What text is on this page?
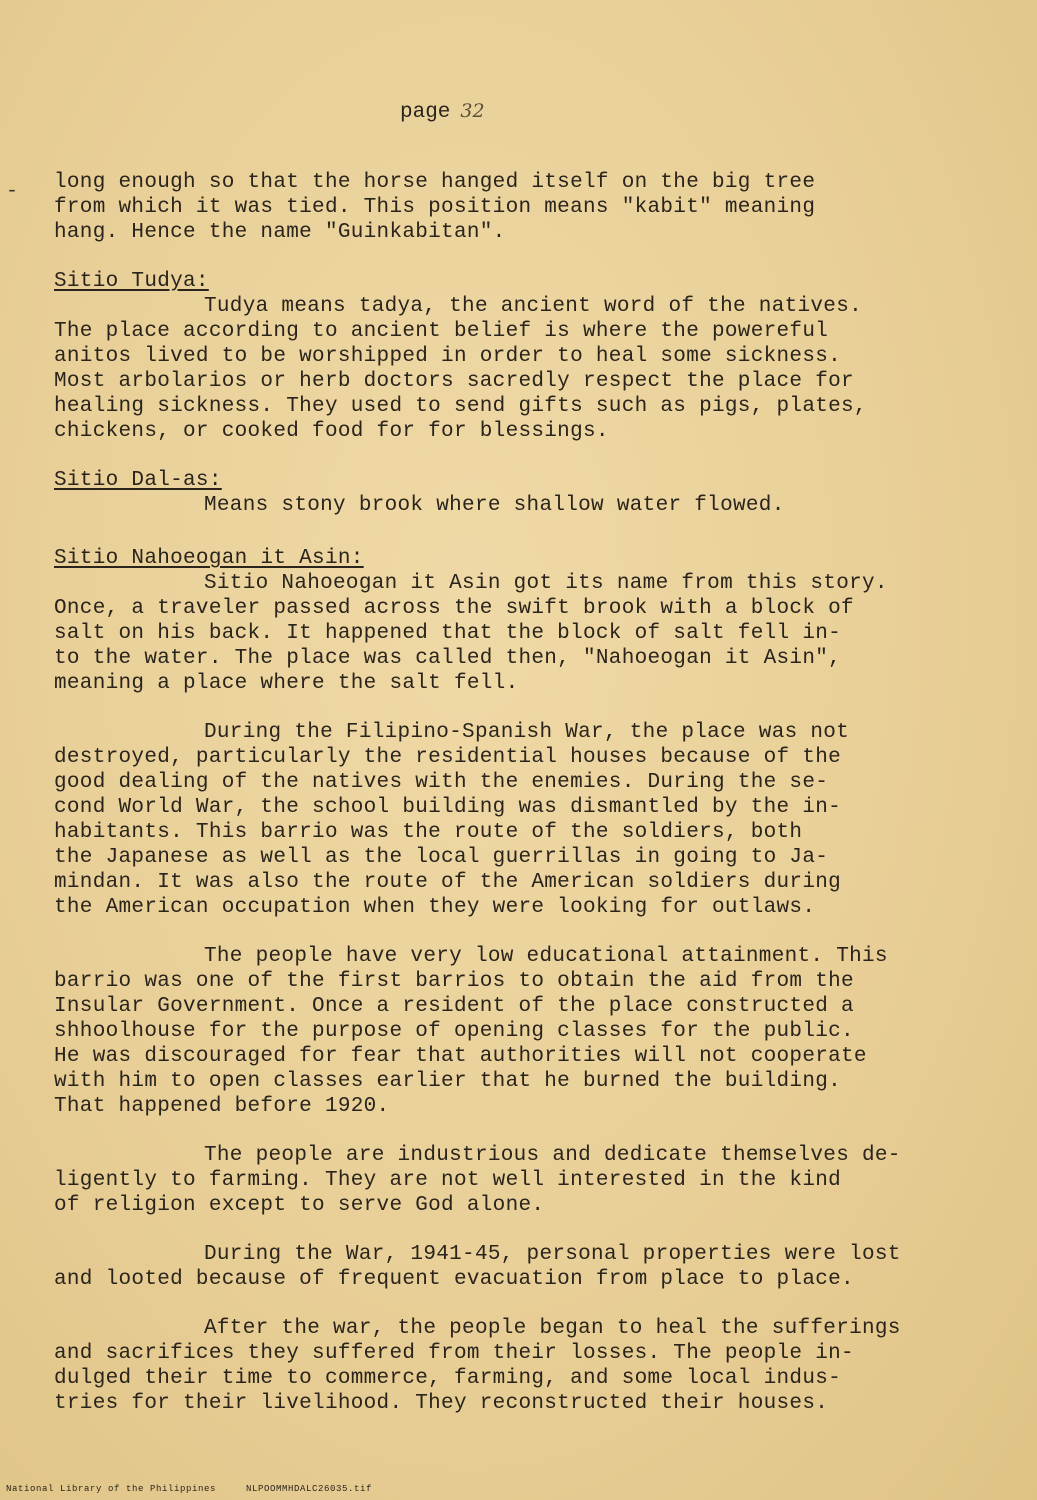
-
page 32
long enough so that the horse hanged itself on the big tree
from which it was tied. This position means "kabit" meaning
hang. Hence the name "Guinkabitan".
Sitio Tudya:
Tudya means tadya, the ancient word of the natives.
The place according to ancient belief is where the powereful
anitos lived to be worshipped in order to heal some sickness.
Most arbolarios or herb doctors sacredly respect the place for
healing sickness. They used to send gifts such as pigs, plates,
chickens, or cooked food for for blessings.
Sitio Dal-as:
Means stony brook where shallow water flowed.
Sitio Nahoeogan it Asin:
Sitio Nahoeogan it Asin got its name from this story.
Once, a traveler passed across the swift brook with a block of
salt on his back. It happened that the block of salt fell in-
to the water. The place was called then, "Nahoeogan it Asin",
meaning a place where the salt fell.
During the Filipino-Spanish War, the place was not
destroyed, particularly the residential houses because of the
good dealing of the natives with the enemies. During the se-
cond World War, the school building was dismantled by the in-
habitants. This barrio was the route of the soldiers, both
the Japanese as well as the local guerrillas in going to Ja-
mindan. It was also the route of the American soldiers during
the American occupation when they were looking for outlaws.
The people have very low educational attainment. This
barrio was one of the first barrios to obtain the aid from the
Insular Government. Once a resident of the place constructed a
shhoolhouse for the purpose of opening classes for the public.
He was discouraged for fear that authorities will not cooperate
with him to open classes earlier that he burned the building.
That happened before 1920.
The people are industrious and dedicate themselves de-
ligently to farming. They are not well interested in the kind
of religion except to serve God alone.
During the War, 1941-45, personal properties were lost
and looted because of frequent evacuation from place to place.
After the war, the people began to heal the sufferings
and sacrifices they suffered from their losses. The people in-
dulged their time to commerce, farming, and some local indus-
tries for their livelihood. They reconstructed their houses.
National Library of the Philippines	NLPOOMMHDALC26035.tif
